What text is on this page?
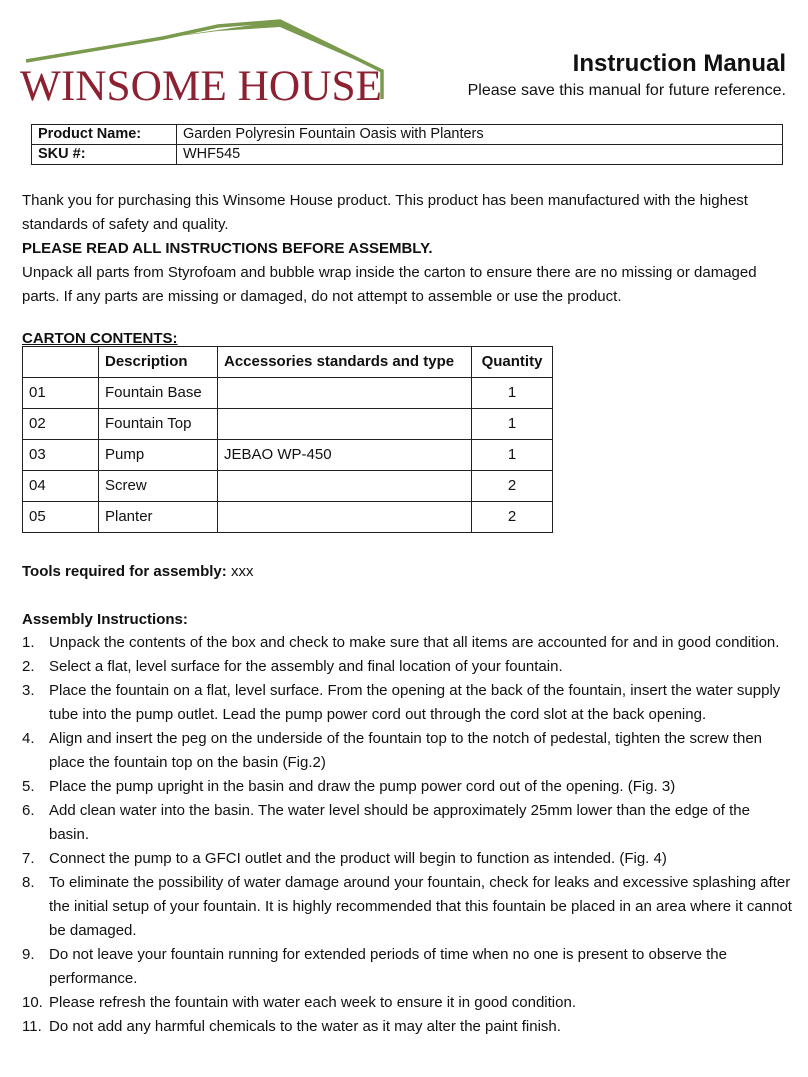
WINSOME HOUSE	Instruction Manual
Please save this manual for future reference.
Product Name:	Garden Polyresin Fountain Oasis with Planters
SKU #:	WHF545

Thank you for purchasing this Winsome House product. This product has been manufactured with the highest standards of safety and quality.

PLEASE READ ALL INSTRUCTIONS BEFORE ASSEMBLY.

Unpack all parts from Styrofoam and bubble wrap inside the carton to ensure there are no missing or damaged parts. If any parts are missing or damaged, do not attempt to assemble or use the product.

CARTON CONTENTS:
	Description	Accessories standards and type	Quantity
01	Fountain Base		1
02	Fountain Top		1
03	Pump	JEBAO WP-450	1
04	Screw		2
05	Planter		2
Tools required for assembly: xxx
Assembly Instructions:
1. Unpack the contents of the box and check to make sure that all items are accounted for and in good condition.
2. Select a flat, level surface for the assembly and final location of your fountain.
3. Place the fountain on a flat, level surface. From the opening at the back of the fountain, insert the water supply tube into the pump outlet. Lead the pump power cord out through the cord slot at the back opening.
4. Align and insert the peg on the underside of the fountain top to the notch of pedestal, tighten the screw then place the fountain top on the basin (Fig.2)
5. Place the pump upright in the basin and draw the pump power cord out of the opening. (Fig. 3)
6. Add clean water into the basin. The water level should be approximately 25mm lower than the edge of the basin.
7. Connect the pump to a GFCI outlet and the product will begin to function as intended. (Fig. 4)
8. To eliminate the possibility of water damage around your fountain, check for leaks and excessive splashing after the initial setup of your fountain. It is highly recommended that this fountain be placed in an area where it cannot be damaged.
9. Do not leave your fountain running for extended periods of time when no one is present to observe the performance.
10. Please refresh the fountain with water each week to ensure it in good condition.
11. Do not add any harmful chemicals to the water as it may alter the paint finish.
